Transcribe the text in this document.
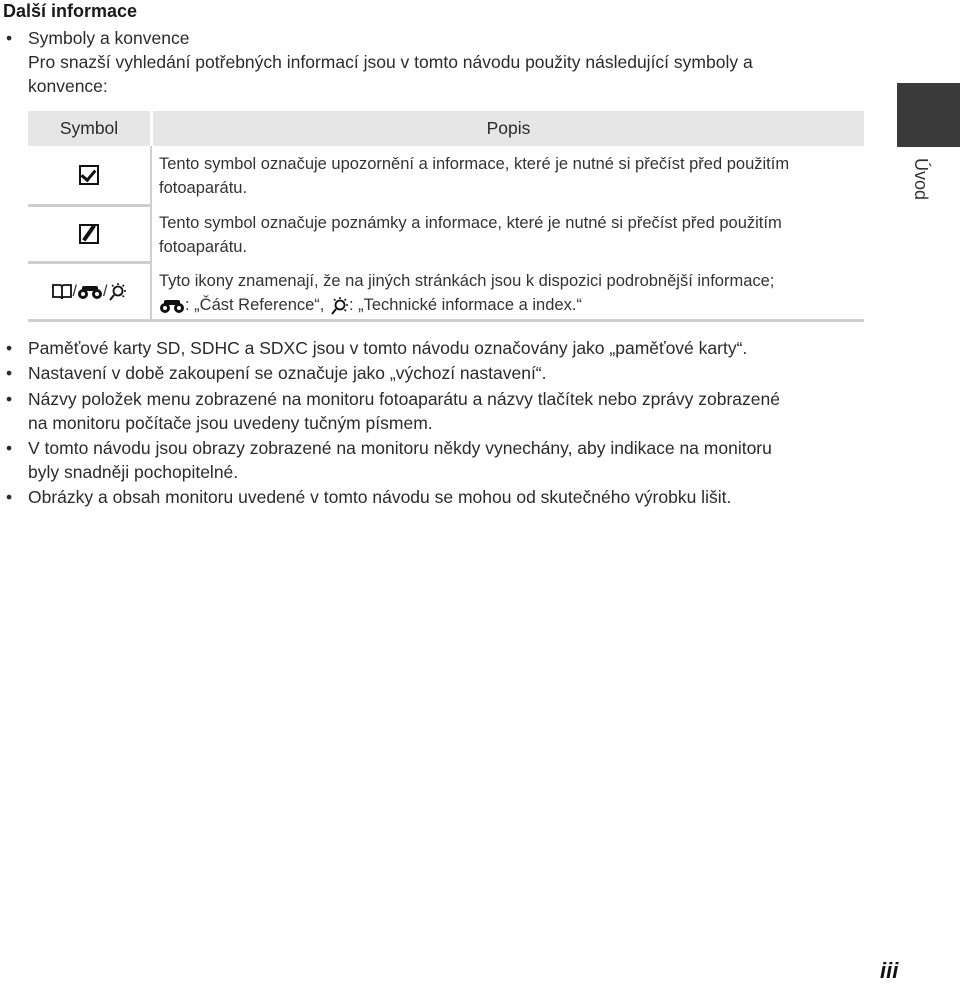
Další informace
• Symboly a konvence
Pro snazší vyhledání potřebných informací jsou v tomto návodu použity následující symboly a
konvence:
Symbol	Popis
Tento symbol označuje upozornění a informace, které je nutné si přečíst před použitím
fotoaparátu.
Tento symbol označuje poznámky a informace, které je nutné si přečíst před použitím
fotoaparátu.
/ /
Tyto ikony znamenají, že na jiných stránkách jsou k dispozici podrobnější informace;
: „Část Reference“, : „Technické informace a index.“
• Paměťové karty SD, SDHC a SDXC jsou v tomto návodu označovány jako „paměťové karty“.
• Nastavení v době zakoupení se označuje jako „výchozí nastavení“.
• Názvy položek menu zobrazené na monitoru fotoaparátu a názvy tlačítek nebo zprávy zobrazené
na monitoru počítače jsou uvedeny tučným písmem.
• V tomto návodu jsou obrazy zobrazené na monitoru někdy vynechány, aby indikace na monitoru
byly snadněji pochopitelné.
• Obrázky a obsah monitoru uvedené v tomto návodu se mohou od skutečného výrobku lišit.
Úvod
iii
